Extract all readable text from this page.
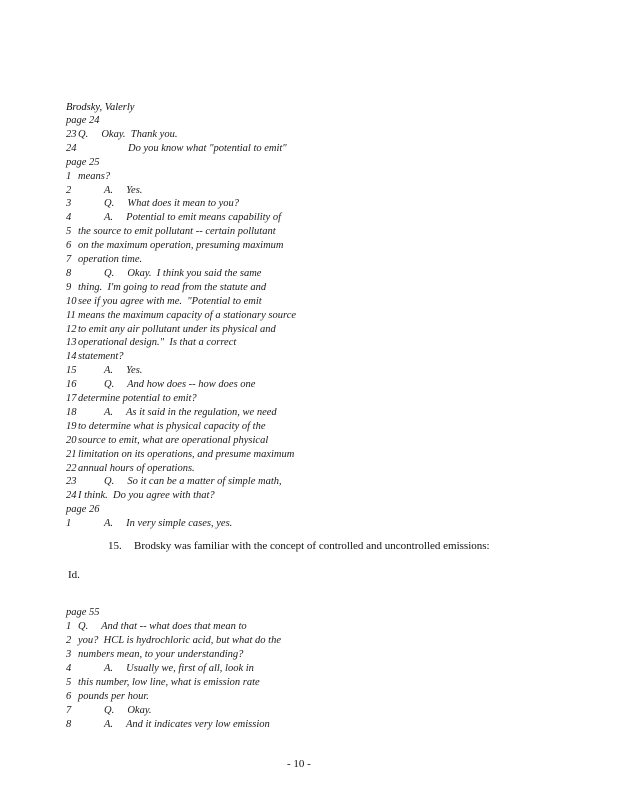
Brodsky, Valerly
page 24
23 Q.     Okay.  Thank you.
24	Do you know what "potential to emit"
page 25
1 means?
2	A.     Yes.
3	Q.     What does it mean to you?
4	A.     Potential to emit means capability of
5 the source to emit pollutant -- certain pollutant
6 on the maximum operation, presuming maximum
7 operation time.
8	Q.     Okay.  I think you said the same
9 thing.  I'm going to read from the statute and
10 see if you agree with me.  "Potential to emit
11 means the maximum capacity of a stationary source
12 to emit any air pollutant under its physical and
13 operational design."  Is that a correct
14 statement?
15	A.     Yes.
16	Q.     And how does -- how does one
17 determine potential to emit?
18	A.     As it said in the regulation, we need
19 to determine what is physical capacity of the
20 source to emit, what are operational physical
21 limitation on its operations, and presume maximum
22 annual hours of operations.
23	Q.     So it can be a matter of simple math,
24 I think.  Do you agree with that?
page 26
1	A.     In very simple cases, yes.
15. Brodsky was familiar with the concept of controlled and uncontrolled emissions:
Id.
page 55
1 Q.     And that -- what does that mean to
2 you?  HCL is hydrochloric acid, but what do the
3 numbers mean, to your understanding?
4	A.     Usually we, first of all, look in
5 this number, low line, what is emission rate
6 pounds per hour.
7	Q.     Okay.
8	A.     And it indicates very low emission
- 10 -
